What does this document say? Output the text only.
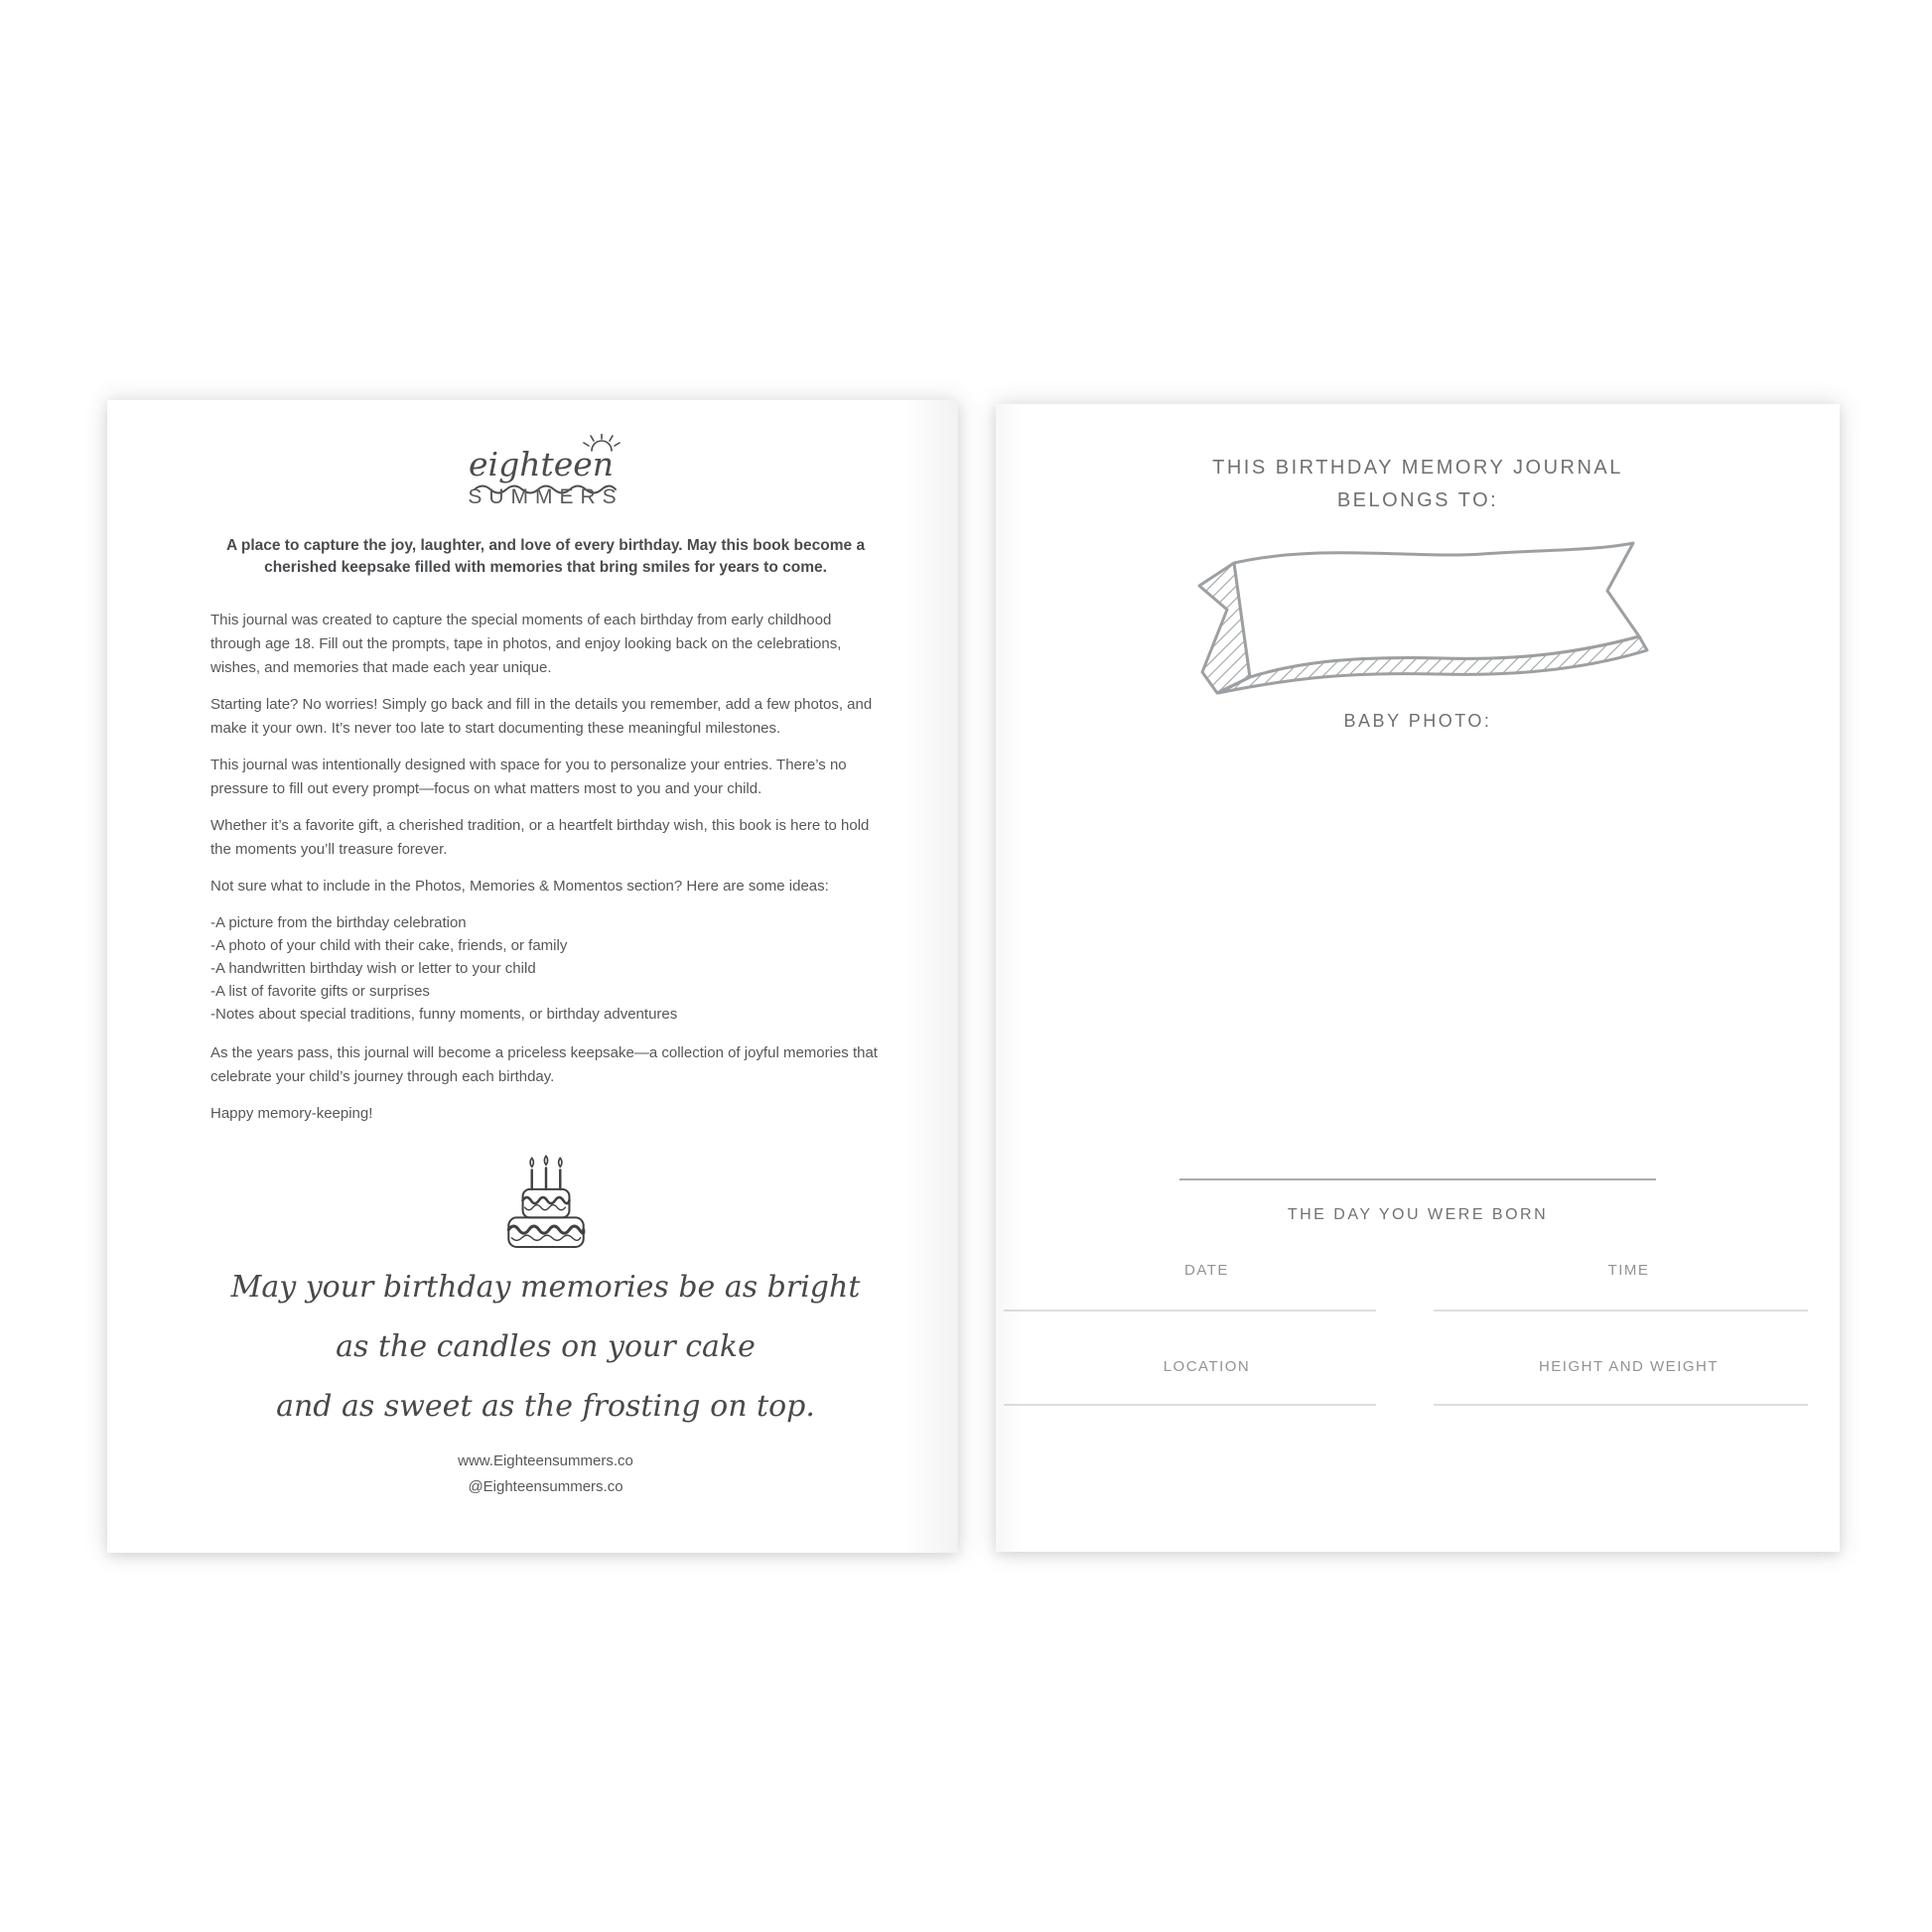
eighteen
SUMMERS

A place to capture the joy, laughter, and love of every birthday. May this book become a cherished keepsake filled with memories that bring smiles for years to come.

This journal was created to capture the special moments of each birthday from early childhood through age 18. Fill out the prompts, tape in photos, and enjoy looking back on the celebrations, wishes, and memories that made each year unique.

Starting late? No worries! Simply go back and fill in the details you remember, add a few photos, and make it your own. It’s never too late to start documenting these meaningful milestones.

This journal was intentionally designed with space for you to personalize your entries. There’s no pressure to fill out every prompt—focus on what matters most to you and your child.

Whether it’s a favorite gift, a cherished tradition, or a heartfelt birthday wish, this book is here to hold the moments you’ll treasure forever.

Not sure what to include in the Photos, Memories & Momentos section? Here are some ideas:

-A picture from the birthday celebration
-A photo of your child with their cake, friends, or family
-A handwritten birthday wish or letter to your child
-A list of favorite gifts or surprises
-Notes about special traditions, funny moments, or birthday adventures

As the years pass, this journal will become a priceless keepsake—a collection of joyful memories that celebrate your child’s journey through each birthday.

Happy memory-keeping!

May your birthday memories be as bright
as the candles on your cake
and as sweet as the frosting on top.
www.Eighteensummers.co
@Eighteensummers.co
THIS BIRTHDAY MEMORY JOURNAL
BELONGS TO:
BABY PHOTO:
THE DAY YOU WERE BORN
DATE	TIME
LOCATION	HEIGHT AND WEIGHT
